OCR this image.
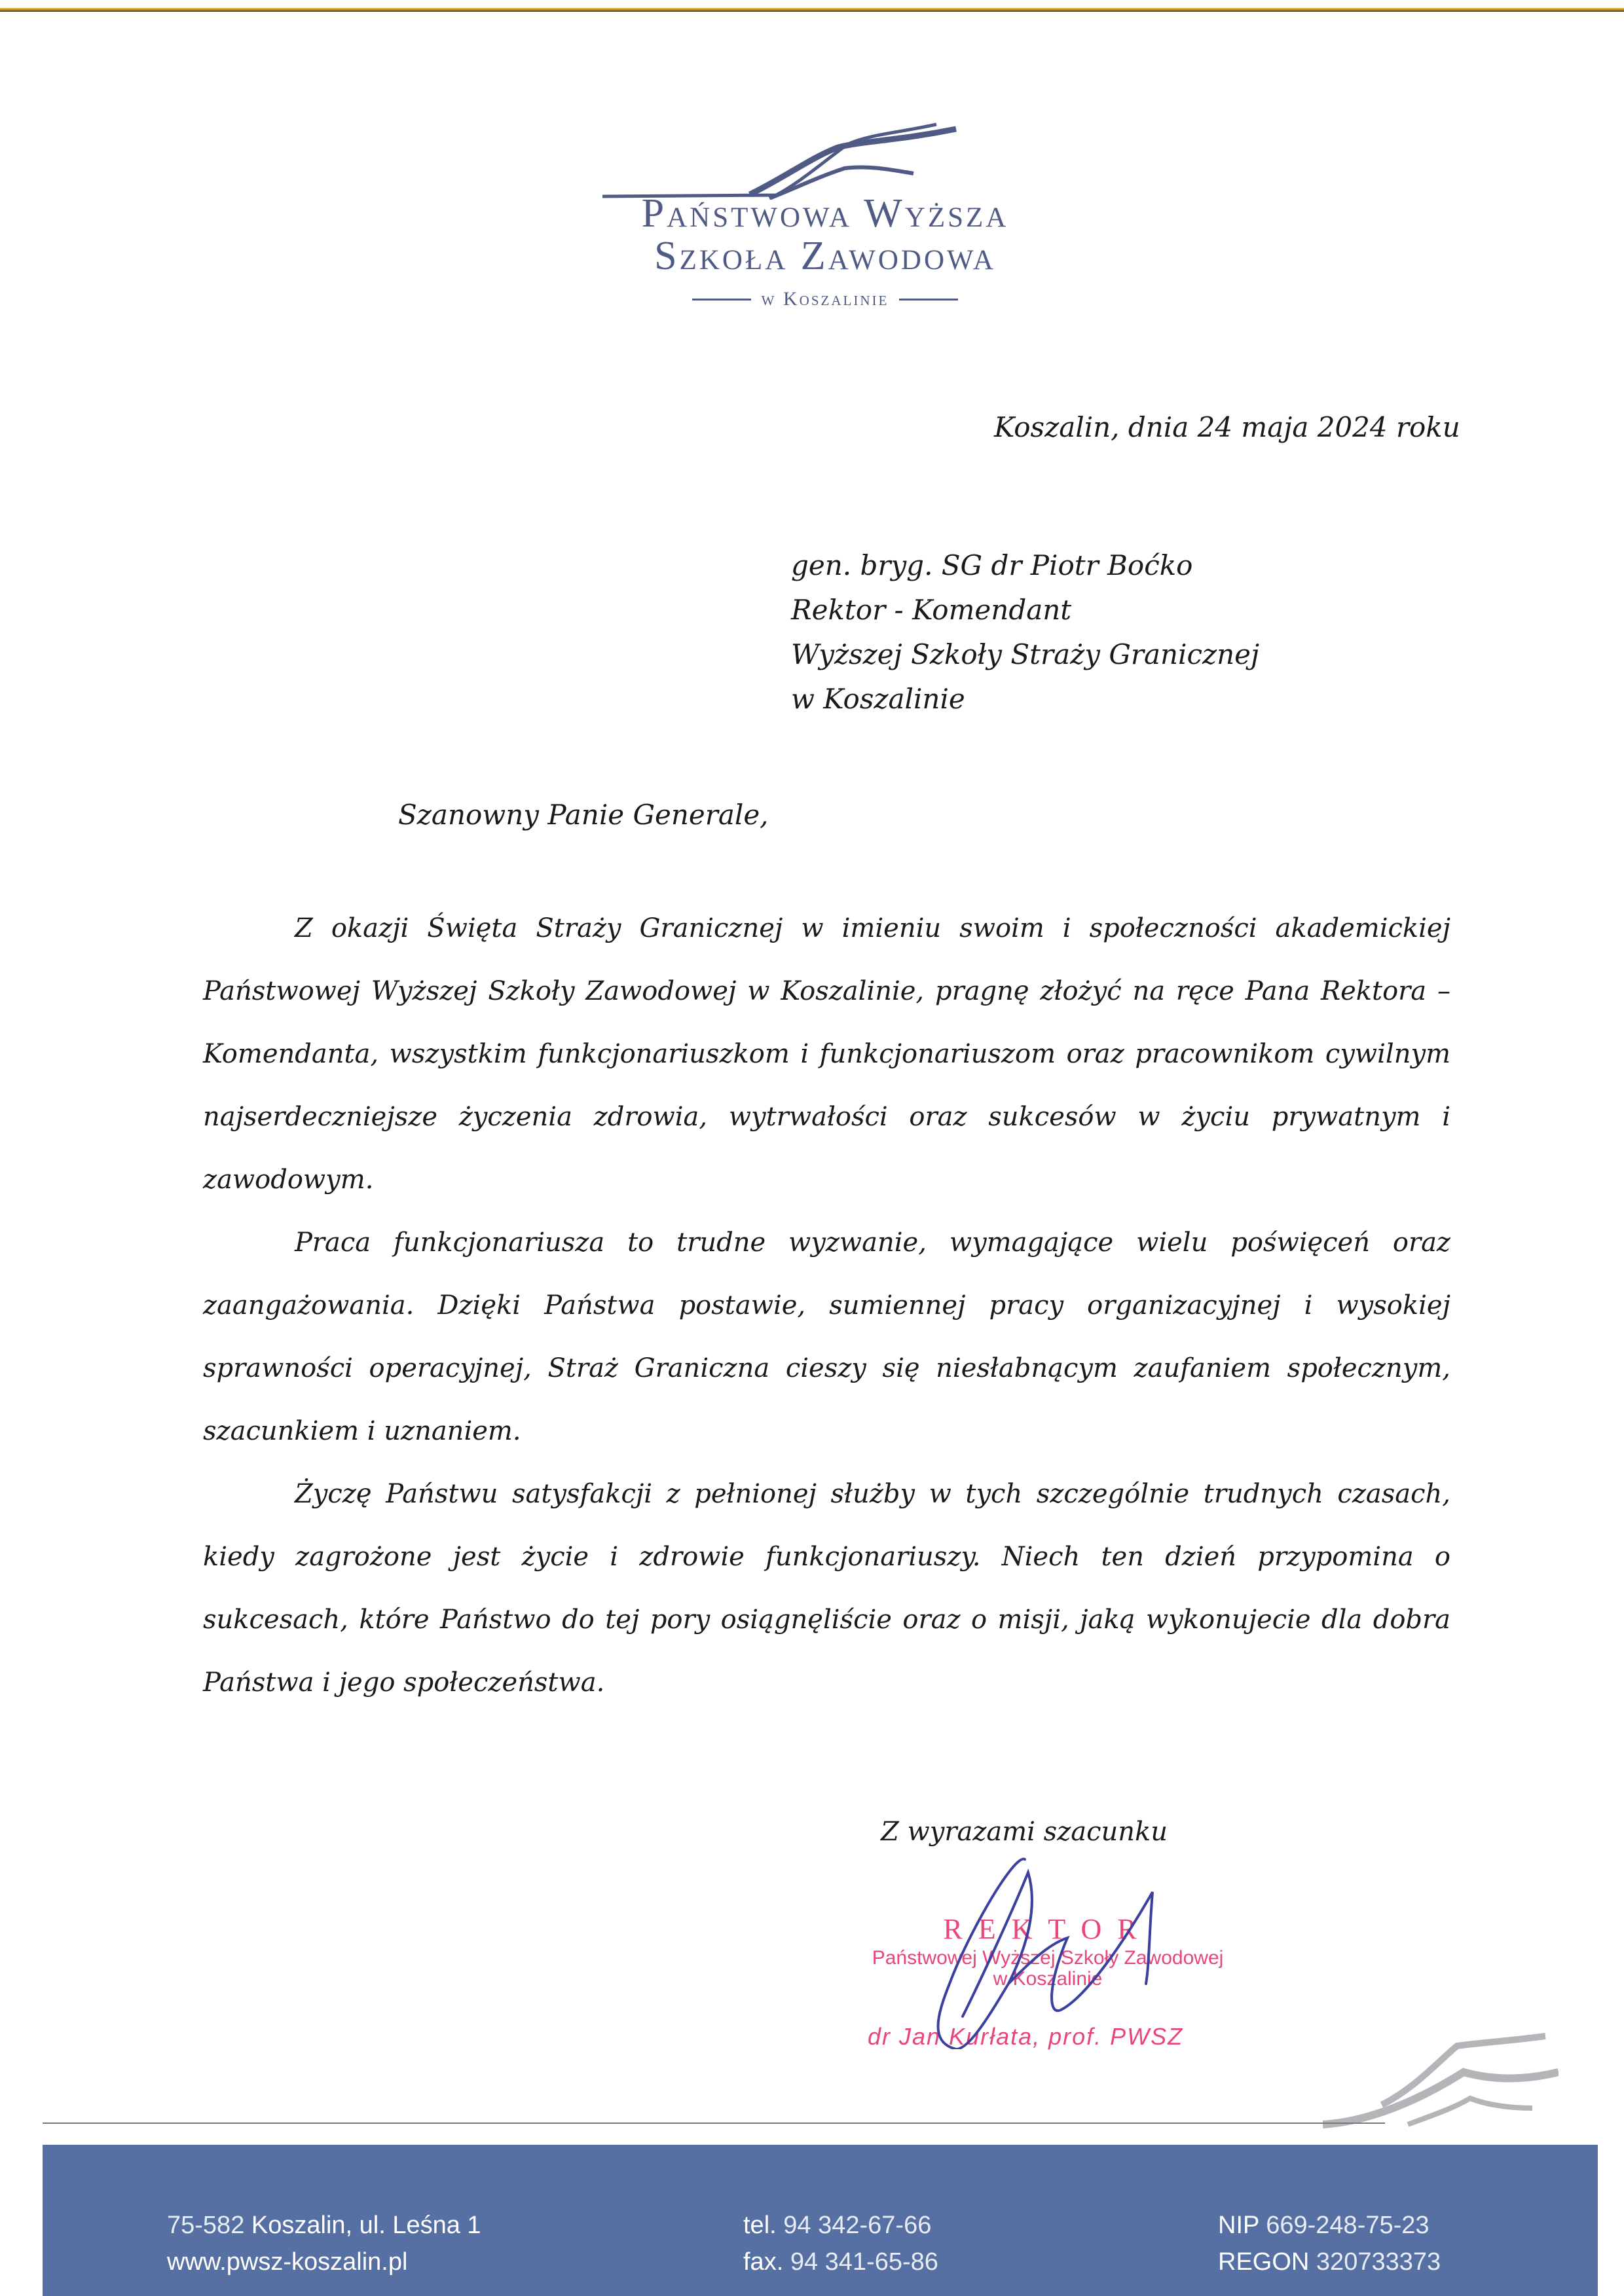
Państwowa Wyższa
Szkoła Zawodowa
w Koszalinie
Koszalin, dnia 24 maja 2024 roku
gen. bryg. SG dr Piotr Boćko
Rektor - Komendant
Wyższej Szkoły Straży Granicznej
w Koszalinie
Szanowny Panie Generale,

Z okazji Święta Straży Granicznej w imieniu swoim i społeczności akademickiej Państwowej Wyższej Szkoły Zawodowej w Koszalinie, pragnę złożyć na ręce Pana Rektora – Komendanta, wszystkim funkcjonariuszkom i funkcjonariuszom oraz pracownikom cywilnym najserdeczniejsze życzenia zdrowia, wytrwałości oraz sukcesów w życiu prywatnym i zawodowym.

Praca funkcjonariusza to trudne wyzwanie, wymagające wielu poświęceń oraz zaangażowania. Dzięki Państwa postawie, sumiennej pracy organizacyjnej i wysokiej sprawności operacyjnej, Straż Graniczna cieszy się niesłabnącym zaufaniem społecznym, szacunkiem i uznaniem.

Życzę Państwu satysfakcji z pełnionej służby w tych szczególnie trudnych czasach, kiedy zagrożone jest życie i zdrowie funkcjonariuszy. Niech ten dzień przypomina o sukcesach, które Państwo do tej pory osiągnęliście oraz o misji, jaką wykonujecie dla dobra Państwa i jego społeczeństwa.

Z wyrazami szacunku
REKTOR
Państwowej Wyższej Szkoły Zawodowej
w Koszalinie
dr Jan Kurłata, prof. PWSZ
75-582 Koszalin, ul. Leśna 1
www.pwsz-koszalin.pl
tel. 94 342-67-66
fax. 94 341-65-86
NIP 669-248-75-23
REGON 320733373
